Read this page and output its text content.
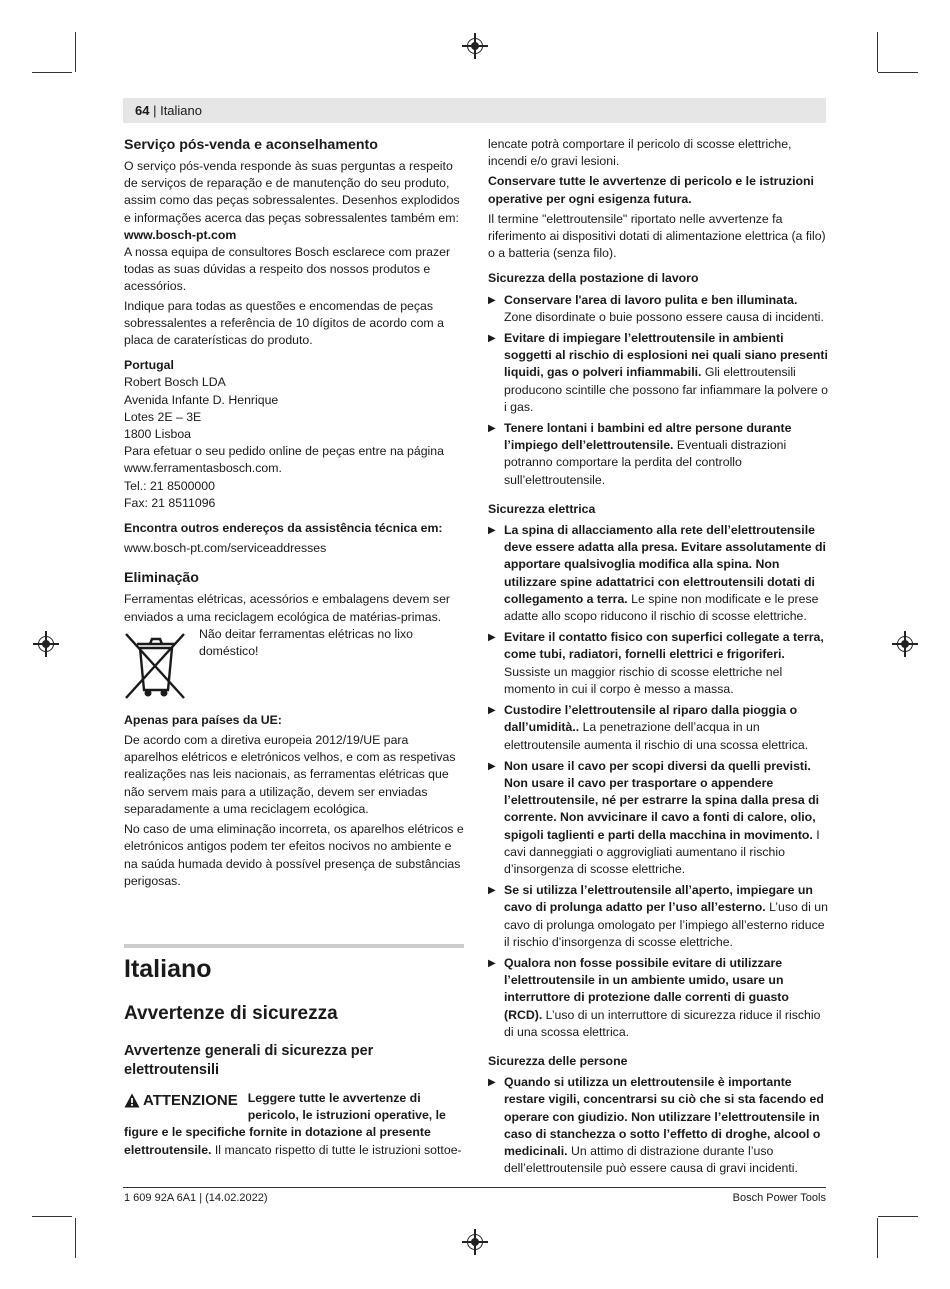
64 | Italiano
Serviço pós-venda e aconselhamento

O serviço pós-venda responde às suas perguntas a respeito de serviços de reparação e de manutenção do seu produto, assim como das peças sobressalentes. Desenhos explodidos e informações acerca das peças sobressalentes também em:
www.bosch-pt.com

A nossa equipa de consultores Bosch esclarece com prazer todas as suas dúvidas a respeito dos nossos produtos e acessórios.

Indique para todas as questões e encomendas de peças sobressalentes a referência de 10 dígitos de acordo com a placa de caraterísticas do produto.

Portugal

Robert Bosch LDA
Avenida Infante D. Henrique
Lotes 2E – 3E
1800 Lisboa
Para efetuar o seu pedido online de peças entre na página www.ferramentasbosch.com.
Tel.: 21 8500000
Fax: 21 8511096

Encontra outros endereços da assistência técnica em:

www.bosch-pt.com/serviceaddresses

Eliminação

Ferramentas elétricas, acessórios e embalagens devem ser enviados a uma reciclagem ecológica de matérias-primas.

Não deitar ferramentas elétricas no lixo doméstico!

Apenas para países da UE:

De acordo com a diretiva europeia 2012/19/UE para aparelhos elétricos e eletrónicos velhos, e com as respetivas realizações nas leis nacionais, as ferramentas elétricas que não servem mais para a utilização, devem ser enviadas separadamente a uma reciclagem ecológica.

No caso de uma eliminação incorreta, os aparelhos elétricos e eletrónicos antigos podem ter efeitos nocivos no ambiente e na saúda humada devido à possível presença de substâncias perigosas.

Italiano
Avvertenze di sicurezza
Avvertenze generali di sicurezza per elettroutensili
ATTENZIONE Leggere tutte le avvertenze di pericolo, le istruzioni operative, le figure e le specifiche fornite in dotazione al presente elettroutensile. Il mancato rispetto di tutte le istruzioni sottoe-

lencate potrà comportare il pericolo di scosse elettriche, incendi e/o gravi lesioni.

Conservare tutte le avvertenze di pericolo e le istruzioni operative per ogni esigenza futura.

Il termine "elettroutensile" riportato nelle avvertenze fa riferimento ai dispositivi dotati di alimentazione elettrica (a filo) o a batteria (senza filo).

Sicurezza della postazione di lavoro

▶ Conservare l'area di lavoro pulita e ben illuminata. Zone disordinate o buie possono essere causa di incidenti.
▶ Evitare di impiegare l’elettroutensile in ambienti soggetti al rischio di esplosioni nei quali siano presenti liquidi, gas o polveri infiammabili. Gli elettroutensili producono scintille che possono far infiammare la polvere o i gas.
▶ Tenere lontani i bambini ed altre persone durante l’impiego dell’elettroutensile. Eventuali distrazioni potranno comportare la perdita del controllo sull’elettroutensile.

Sicurezza elettrica

▶ La spina di allacciamento alla rete dell’elettroutensile deve essere adatta alla presa. Evitare assolutamente di apportare qualsivoglia modifica alla spina. Non utilizzare spine adattatrici con elettroutensili dotati di collegamento a terra. Le spine non modificate e le prese adatte allo scopo riducono il rischio di scosse elettriche.
▶ Evitare il contatto fisico con superfici collegate a terra, come tubi, radiatori, fornelli elettrici e frigoriferi. Sussiste un maggior rischio di scosse elettriche nel momento in cui il corpo è messo a massa.
▶ Custodire l’elettroutensile al riparo dalla pioggia o dall’umidità.. La penetrazione dell’acqua in un elettroutensile aumenta il rischio di una scossa elettrica.
▶ Non usare il cavo per scopi diversi da quelli previsti. Non usare il cavo per trasportare o appendere l’elettroutensile, né per estrarre la spina dalla presa di corrente. Non avvicinare il cavo a fonti di calore, olio, spigoli taglienti e parti della macchina in movimento. I cavi danneggiati o aggrovigliati aumentano il rischio d’insorgenza di scosse elettriche.
▶ Se si utilizza l’elettroutensile all’aperto, impiegare un cavo di prolunga adatto per l’uso all’esterno. L’uso di un cavo di prolunga omologato per l’impiego all’esterno riduce il rischio d’insorgenza di scosse elettriche.
▶ Qualora non fosse possibile evitare di utilizzare l’elettroutensile in un ambiente umido, usare un interruttore di protezione dalle correnti di guasto (RCD). L’uso di un interruttore di sicurezza riduce il rischio di una scossa elettrica.

Sicurezza delle persone

▶ Quando si utilizza un elettroutensile è importante restare vigili, concentrarsi su ciò che si sta facendo ed operare con giudizio. Non utilizzare l’elettroutensile in caso di stanchezza o sotto l’effetto di droghe, alcool o medicinali. Un attimo di distrazione durante l’uso dell’elettroutensile può essere causa di gravi incidenti.
1 609 92A 6A1 | (14.02.2022)	Bosch Power Tools
